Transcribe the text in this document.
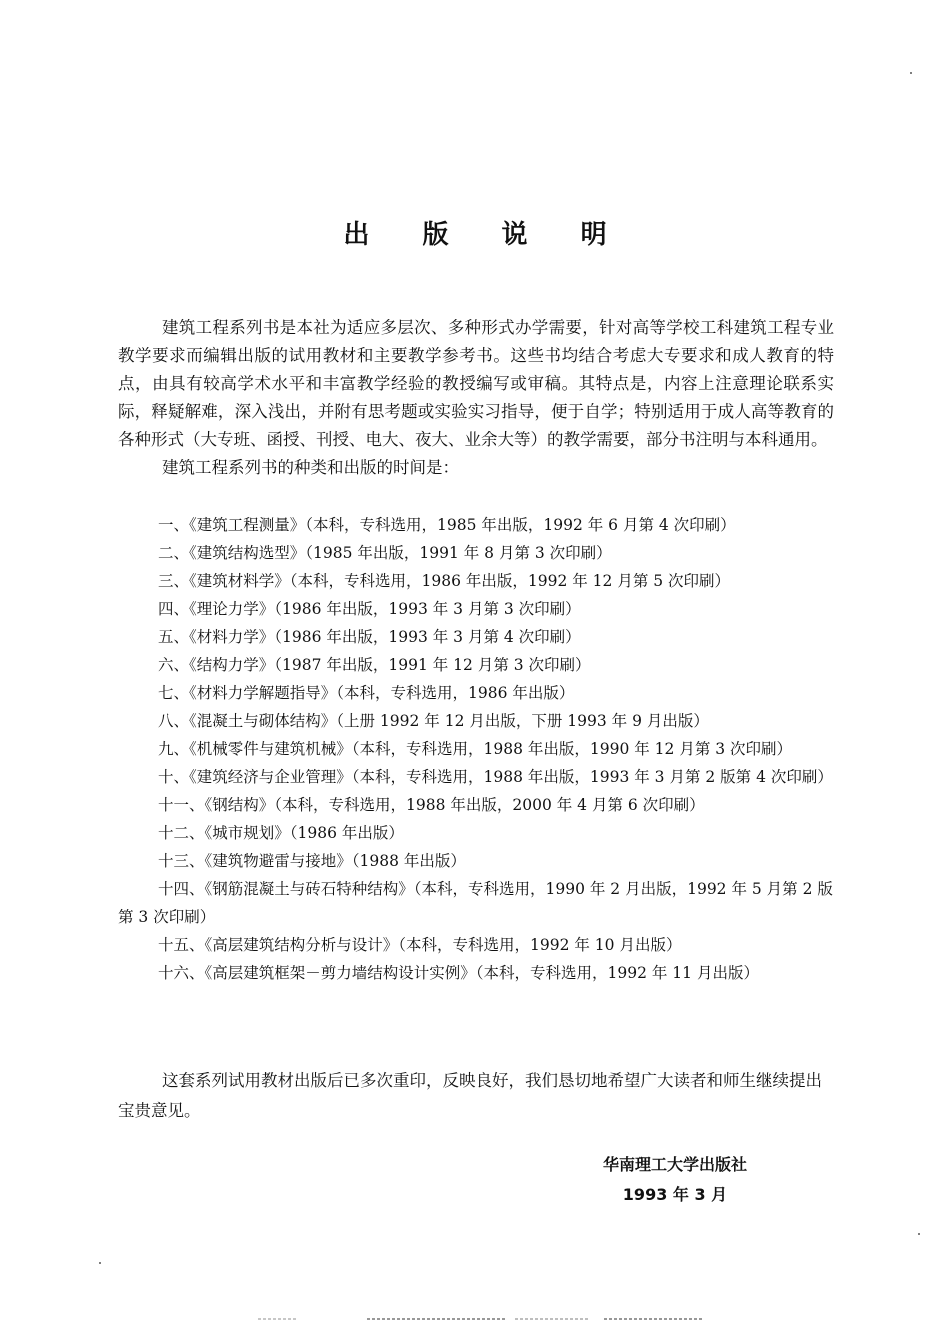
出 版 说 明

建筑工程系列书是本社为适应多层次、多种形式办学需要，针对高等学校工科建筑工程专业教学要求而编辑出版的试用教材和主要教学参考书。这些书均结合考虑大专要求和成人教育的特点，由具有较高学术水平和丰富教学经验的教授编写或审稿。其特点是，内容上注意理论联系实际，释疑解难，深入浅出，并附有思考题或实验实习指导，便于自学；特别适用于成人高等教育的各种形式（大专班、函授、刊授、电大、夜大、业余大等）的教学需要，部分书注明与本科通用。

建筑工程系列书的种类和出版的时间是：

一、《建筑工程测量》（本科，专科选用，1985 年出版，1992 年 6 月第 4 次印刷）
二、《建筑结构选型》（1985 年出版，1991 年 8 月第 3 次印刷）
三、《建筑材料学》（本科，专科选用，1986 年出版，1992 年 12 月第 5 次印刷）
四、《理论力学》（1986 年出版，1993 年 3 月第 3 次印刷）
五、《材料力学》（1986 年出版，1993 年 3 月第 4 次印刷）
六、《结构力学》（1987 年出版，1991 年 12 月第 3 次印刷）
七、《材料力学解题指导》（本科，专科选用，1986 年出版）
八、《混凝土与砌体结构》（上册 1992 年 12 月出版，下册 1993 年 9 月出版）
九、《机械零件与建筑机械》（本科，专科选用，1988 年出版，1990 年 12 月第 3 次印刷）
十、《建筑经济与企业管理》（本科，专科选用，1988 年出版，1993 年 3 月第 2 版第 4 次印刷）
十一、《钢结构》（本科，专科选用，1988 年出版，2000 年 4 月第 6 次印刷）
十二、《城市规划》（1986 年出版）
十三、《建筑物避雷与接地》（1988 年出版）
十四、《钢筋混凝土与砖石特种结构》（本科，专科选用，1990 年 2 月出版，1992 年 5 月第 2 版第 3 次印刷）
十五、《高层建筑结构分析与设计》（本科，专科选用，1992 年 10 月出版）
十六、《高层建筑框架－剪力墙结构设计实例》（本科，专科选用，1992 年 11 月出版）

这套系列试用教材出版后已多次重印，反映良好，我们恳切地希望广大读者和师生继续提出宝贵意见。

华南理工大学出版社
1993 年 3 月
